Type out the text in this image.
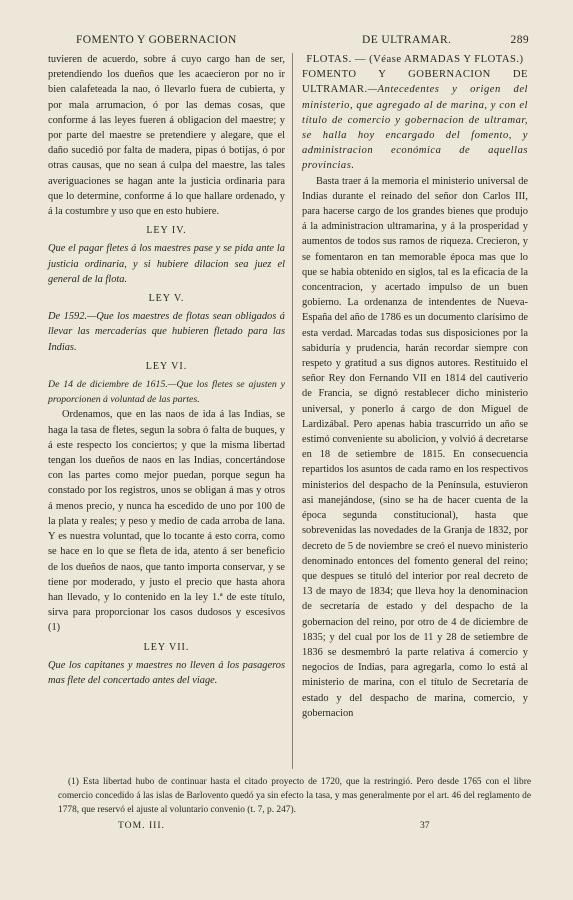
FOMENTO Y GOBERNACION	DE ULTRAMAR.	289

tuvieren de acuerdo, sobre á cuyo cargo han de ser, pretendiendo los dueños que les acaecieron por no ir bien calafeteada la nao, ó llevarlo fuera de cubierta, y por mala arrumacion, ó por las demas cosas, que conforme á las leyes fueren á obligacion del maestre; y por parte del maestre se pretendiere y alegare, que el daño sucedió por falta de madera, pipas ó botijas, ó por otras causas, que no sean á culpa del maestre, las tales averiguaciones se hagan ante la justicia ordinaria para que lo determine, conforme á lo que hallare ordenado, y á la costumbre y uso que en esto hubiere.

LEY IV.

Que el pagar fletes á los maestres pase y se pida ante la justicia ordinaria, y si hubiere dilacion sea juez el general de la flota.

LEY V.

De 1592.—Que los maestres de flotas sean obligados á llevar las mercaderías que hubieren fletado para las Indias.

LEY VI.

De 14 de diciembre de 1615.—Que los fletes se ajusten y proporcionen á voluntad de las partes.

Ordenamos, que en las naos de ida á las Indias, se haga la tasa de fletes, segun la sobra ó falta de buques, y á este respecto los conciertos; y que la misma libertad tengan los dueños de naos en las Indias, concertándose con las partes como mejor puedan, porque segun ha constado por los registros, unos se obligan á mas y otros á menos precio, y nunca ha escedido de uno por 100 de la plata y reales; y peso y medio de cada arroba de lana. Y es nuestra voluntad, que lo tocante á esto corra, como se hace en lo que se fleta de ida, atento á ser beneficio de los dueños de naos, que tanto importa conservar, y se tiene por moderado, y justo el precio que hasta ahora han llevado, y lo contenido en la ley 1.ª de este título, sirva para proporcionar los casos dudosos y escesivos (1)

LEY VII.

Que los capitanes y maestres no lleven á los pasageros mas flete del concertado antes del viage.

FLOTAS. — (Véase ARMADAS Y FLOTAS.)

FOMENTO Y GOBERNACION DE ULTRAMAR.—Antecedentes y origen del ministerio, que agregado al de marina, y con el título de comercio y gobernacion de ultramar, se halla hoy encargado del fomento, y administracion económica de aquellas provincias.

Basta traer á la memoria el ministerio universal de Indias durante el reinado del señor don Carlos III, para hacerse cargo de los grandes bienes que produjo á la administracion ultramarina, y á la prosperidad y aumentos de todos sus ramos de riqueza. Crecieron, y se fomentaron en tan memorable época mas que lo que se habia obtenido en siglos, tal es la eficacia de la concentracion, y acertado impulso de un buen gobierno. La ordenanza de intendentes de Nueva-España del año de 1786 es un documento clarísimo de esta verdad. Marcadas todas sus disposiciones por la sabiduría y prudencia, harán recordar siempre con respeto y gratitud a sus dignos autores. Restituido el señor Rey don Fernando VII en 1814 del cautiverio de Francia, se dignó restablecer dicho ministerio universal, y ponerlo á cargo de don Miguel de Lardizábal. Pero apenas habia trascurrido un año se estimó conveniente su abolicion, y volvió á decretarse en 18 de setiembre de 1815. En consecuencia repartidos los asuntos de cada ramo en los respectivos ministerios del despacho de la Península, estuvieron asi manejándose, (sino se ha de hacer cuenta de la época segunda constitucional), hasta que sobrevenidas las novedades de la Granja de 1832, por decreto de 5 de noviembre se creó el nuevo ministerio denominado entonces del fomento general del reino; que despues se tituló del interior por real decreto de 13 de mayo de 1834; que lleva hoy la denominacion de secretaría de estado y del despacho de la gobernacion del reino, por otro de 4 de diciembre de 1835; y del cual por los de 11 y 28 de setiembre de 1836 se desmembró la parte relativa á comercio y negocios de Indias, para agregarla, como lo está al ministerio de marina, con el título de Secretaría de estado y del despacho de marina, comercio, y gobernacion

(1) Esta libertad hubo de continuar hasta el citado proyecto de 1720, que la restringió. Pero desde 1765 con el libre comercio concedido á las islas de Barlovento quedó ya sin efecto la tasa, y mas generalmente por el art. 46 del reglamento de 1778, que reservó el ajuste al voluntario convenio (t. 7, p. 247).

TOM. III.	37
